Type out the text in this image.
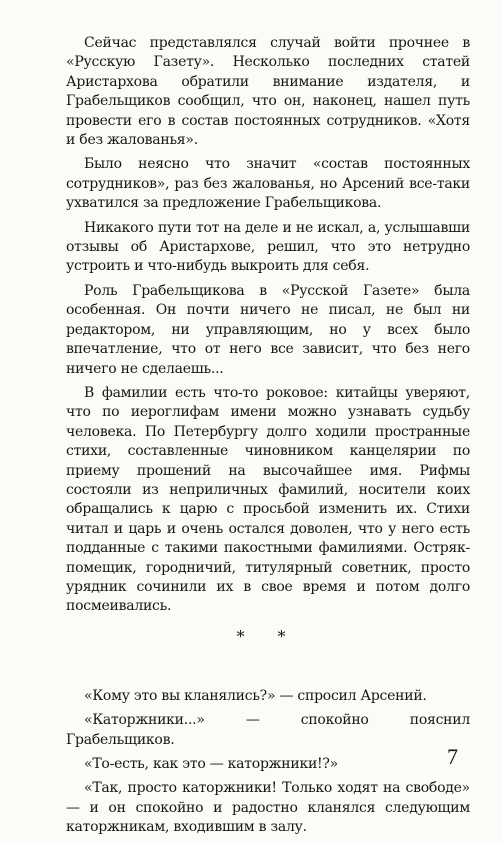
Сейчас представлялся случай войти прочнее в «Русскую Газету». Несколько последних статей Аристархова обратили внимание издателя, и Грабельщиков сообщил, что он, наконец, нашел путь провести его в состав постоянных сотрудников. «Хотя и без жалованья».

Было неясно что значит «состав постоянных сотрудников», раз без жалованья, но Арсений все-таки ухватился за предложение Грабельщикова.

Никакого пути тот на деле и не искал, а, услышавши отзывы об Аристархове, решил, что это нетрудно устроить и что-нибудь выкроить для себя.

Роль Грабельщикова в «Русской Газете» была особенная. Он почти ничего не писал, не был ни редактором, ни управляющим, но у всех было впечатление, что от него все зависит, что без него ничего не сделаешь...

В фамилии есть что-то роковое: китайцы уверяют, что по иероглифам имени можно узнавать судьбу человека. По Петербургу долго ходили пространные стихи, составленные чиновником канцелярии по приему прошений на высочайшее имя. Рифмы состояли из неприличных фамилий, носители коих обращались к царю с просьбой изменить их. Стихи читал и царь и очень остался доволен, что у него есть подданные с такими пакостными фамилиями. Остряк-помещик, городничий, титулярный советник, просто урядник сочинили их в свое время и потом долго посмеивались.

* *

«Кому это вы кланялись?» — спросил Арсений.

«Каторжники...» — спокойно пояснил Грабельщиков.

«То-есть, как это — каторжники!?»

«Так, просто каторжники! Только ходят на свободе» — и он спокойно и радостно кланялся следующим каторжникам, входившим в залу.

7
